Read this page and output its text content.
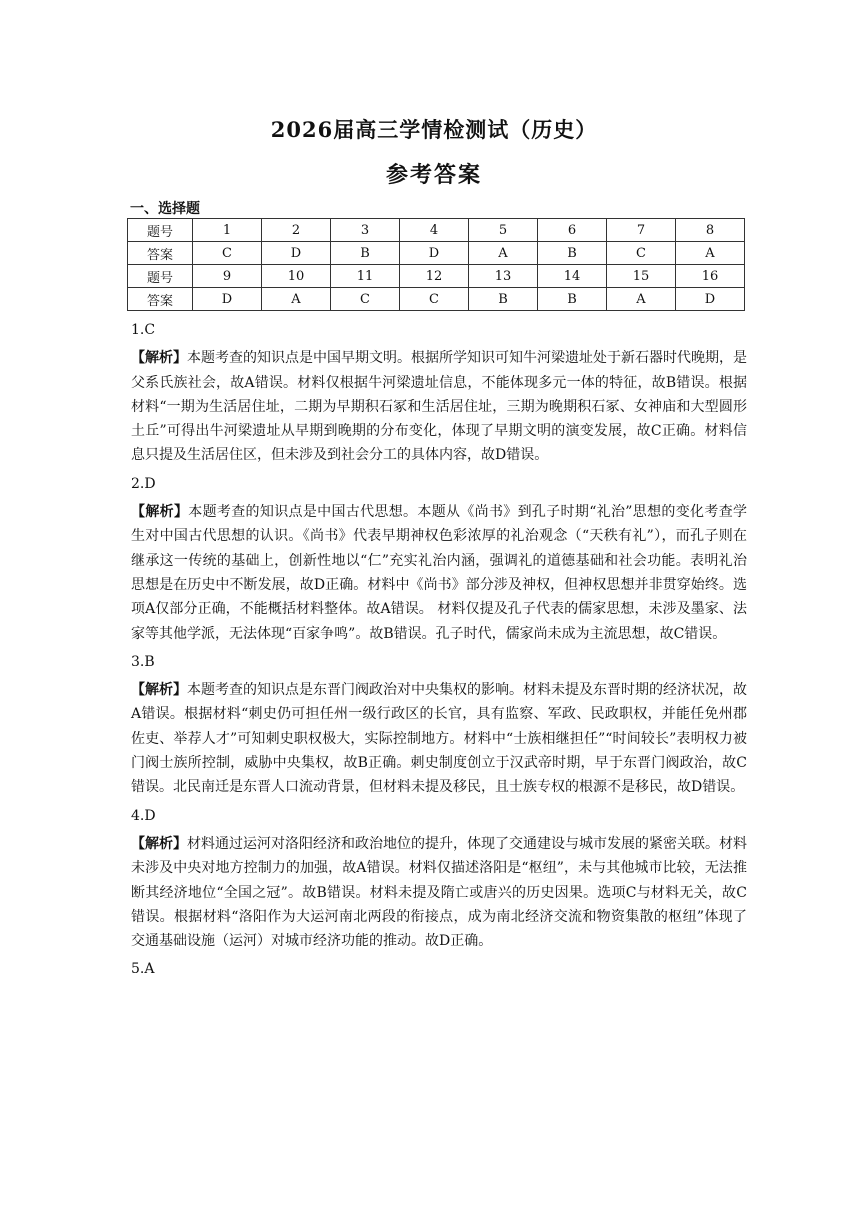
2026届高三学情检测试（历史）
参考答案
一、选择题
题号	1	2	3	4	5	6	7	8
答案	C	D	B	D	A	B	C	A
题号	9	10	11	12	13	14	15	16
答案	D	A	C	C	B	B	A	D
1.C
【解析】本题考查的知识点是中国早期文明。根据所学知识可知牛河梁遗址处于新石器时代晚期，是父系氏族社会，故A错误。材料仅根据牛河梁遗址信息，不能体现多元一体的特征，故B错误。根据材料“一期为生活居住址，二期为早期积石冢和生活居住址，三期为晚期积石冢、女神庙和大型圆形土丘”可得出牛河梁遗址从早期到晚期的分布变化，体现了早期文明的演变发展，故C正确。材料信息只提及生活居住区，但未涉及到社会分工的具体内容，故D错误。
2.D
【解析】本题考查的知识点是中国古代思想。本题从《尚书》到孔子时期“礼治”思想的变化考查学生对中国古代思想的认识。《尚书》代表早期神权色彩浓厚的礼治观念（“天秩有礼”），而孔子则在继承这一传统的基础上，创新性地以“仁”充实礼治内涵，强调礼的道德基础和社会功能。表明礼治思想是在历史中不断发展，故D正确。材料中《尚书》部分涉及神权，但神权思想并非贯穿始终。选项A仅部分正确，不能概括材料整体。故A错误。 材料仅提及孔子代表的儒家思想，未涉及墨家、法家等其他学派，无法体现“百家争鸣”。故B错误。孔子时代，儒家尚未成为主流思想，故C错误。
3.B
【解析】本题考查的知识点是东晋门阀政治对中央集权的影响。材料未提及东晋时期的经济状况，故A错误。根据材料“刺史仍可担任州一级行政区的长官，具有监察、军政、民政职权，并能任免州郡佐吏、举荐人才”可知刺史职权极大，实际控制地方。材料中“士族相继担任”“时间较长”表明权力被门阀士族所控制，威胁中央集权，故B正确。刺史制度创立于汉武帝时期，早于东晋门阀政治，故C错误。北民南迁是东晋人口流动背景，但材料未提及移民，且士族专权的根源不是移民，故D错误。
4.D
【解析】材料通过运河对洛阳经济和政治地位的提升，体现了交通建设与城市发展的紧密关联。材料未涉及中央对地方控制力的加强，故A错误。材料仅描述洛阳是“枢纽”，未与其他城市比较，无法推断其经济地位“全国之冠”。故B错误。材料未提及隋亡或唐兴的历史因果。选项C与材料无关，故C错误。根据材料“洛阳作为大运河南北两段的衔接点，成为南北经济交流和物资集散的枢纽”体现了交通基础设施（运河）对城市经济功能的推动。故D正确。
5.A
